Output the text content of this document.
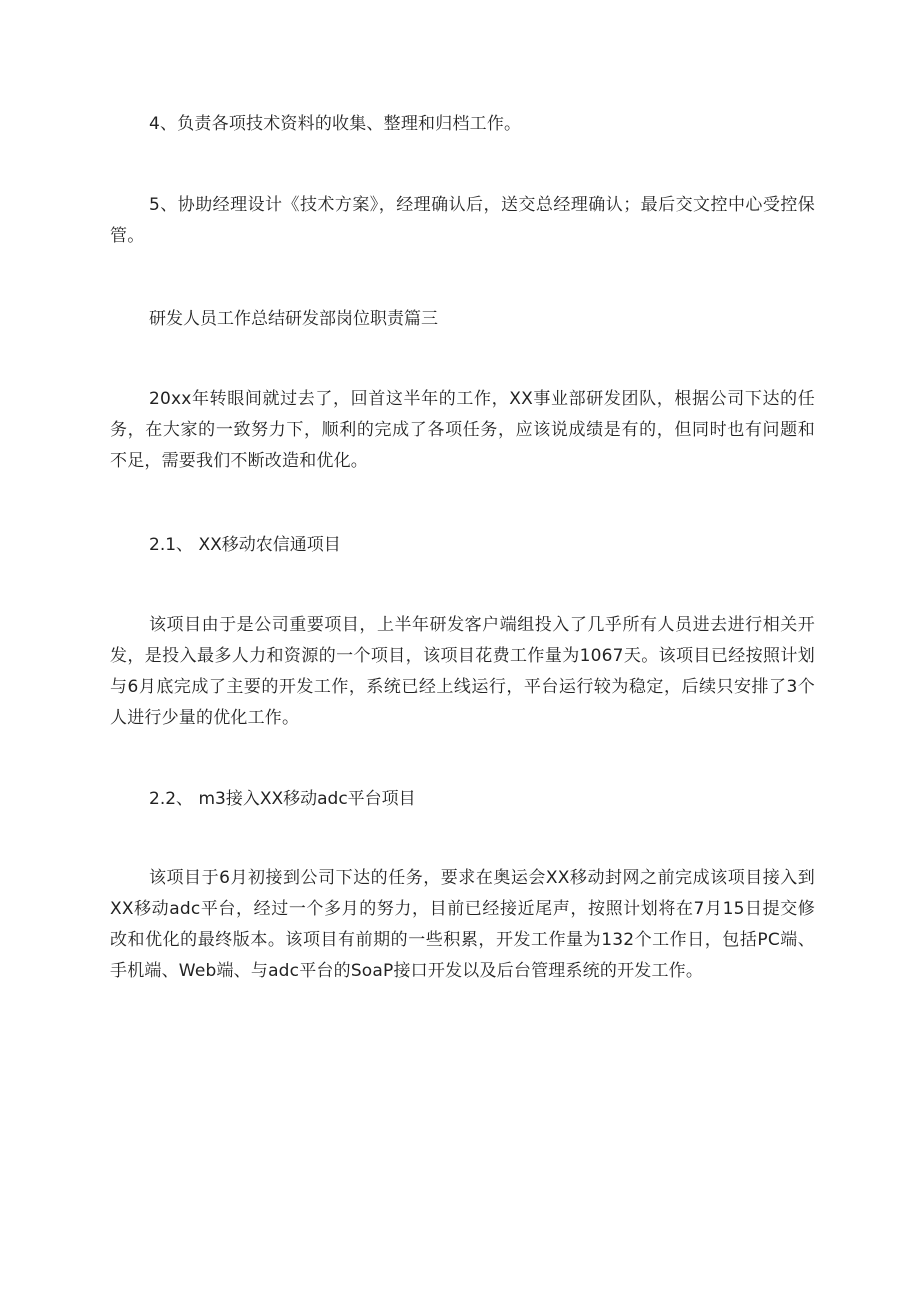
4、负责各项技术资料的收集、整理和归档工作。
5、协助经理设计《技术方案》，经理确认后，送交总经理确认；最后交文控中心受控保管。
研发人员工作总结研发部岗位职责篇三
20xx年转眼间就过去了，回首这半年的工作，XX事业部研发团队，根据公司下达的任务，在大家的一致努力下，顺利的完成了各项任务，应该说成绩是有的，但同时也有问题和不足，需要我们不断改造和优化。
2.1、 XX移动农信通项目
该项目由于是公司重要项目，上半年研发客户端组投入了几乎所有人员进去进行相关开发，是投入最多人力和资源的一个项目，该项目花费工作量为1067天。该项目已经按照计划与6月底完成了主要的开发工作，系统已经上线运行，平台运行较为稳定，后续只安排了3个人进行少量的优化工作。
2.2、 m3接入XX移动adc平台项目
该项目于6月初接到公司下达的任务，要求在奥运会XX移动封网之前完成该项目接入到XX移动adc平台，经过一个多月的努力，目前已经接近尾声，按照计划将在7月15日提交修改和优化的最终版本。该项目有前期的一些积累，开发工作量为132个工作日，包括PC端、手机端、Web端、与adc平台的SoaP接口开发以及后台管理系统的开发工作。
